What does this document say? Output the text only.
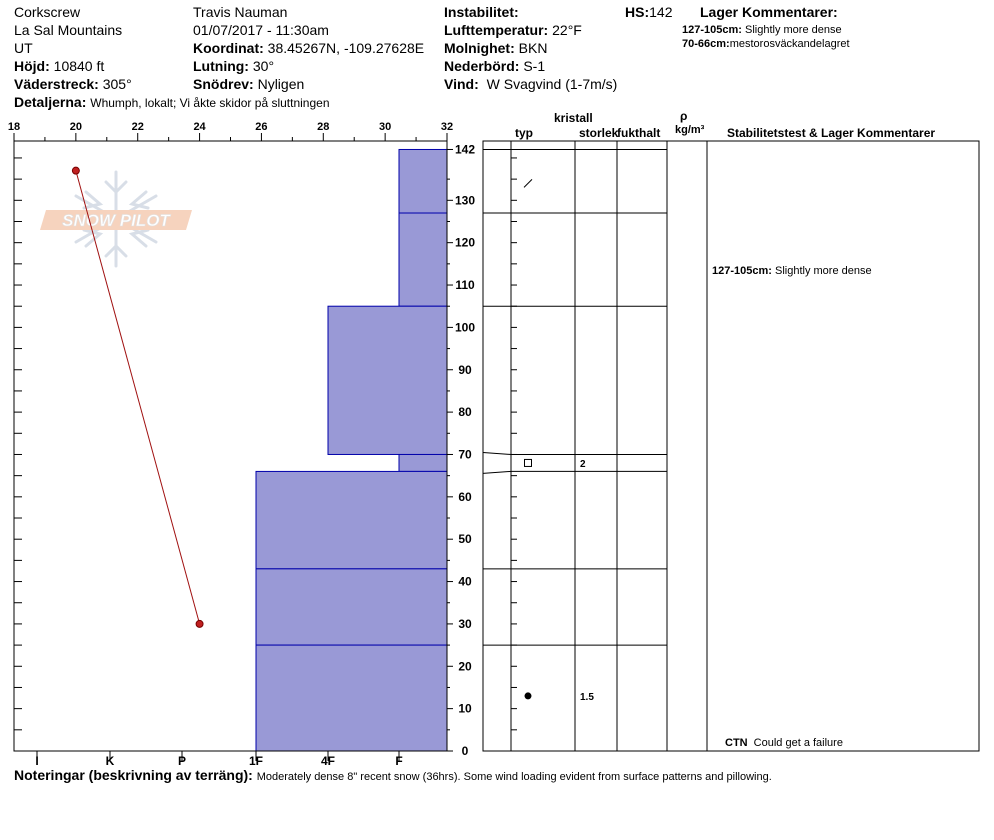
Corkscrew
La Sal Mountains
UT
Höjd: 10840 ft
Väderstreck: 305°
Detaljerna: Whumph, lokalt; Vi åkte skidor på sluttningen
Travis Nauman
01/07/2017 - 11:30am
Koordinat: 38.45267N, -109.27628E
Lutning: 30°
Snödrev: Nyligen
Instabilitet:
Lufttemperatur: 22°F
Molnighet: BKN
Nederbörd: S-1
Vind: W Svagvind (1-7m/s)
HS:142 Lager Kommentarer:
127-105cm: Slightly more dense
70-66cm:mestorosväckandelagret
SNOW PILOT
18	20	22	24	26	28	30	32
I	K	P	1F	4F	F
0
10
20
30
40
50
60
70
80
90
100
110
120
130
142
2
1.5
kristall
typ	storlek
fukthalt
ρ
kg/m³ Stabilitetstest & Lager Kommentarer
127-105cm: Slightly more dense
CTN Could get a failure
Noteringar (beskrivning av terräng): Moderately dense 8" recent snow (36hrs). Some wind loading evident from surface patterns and pillowing.
